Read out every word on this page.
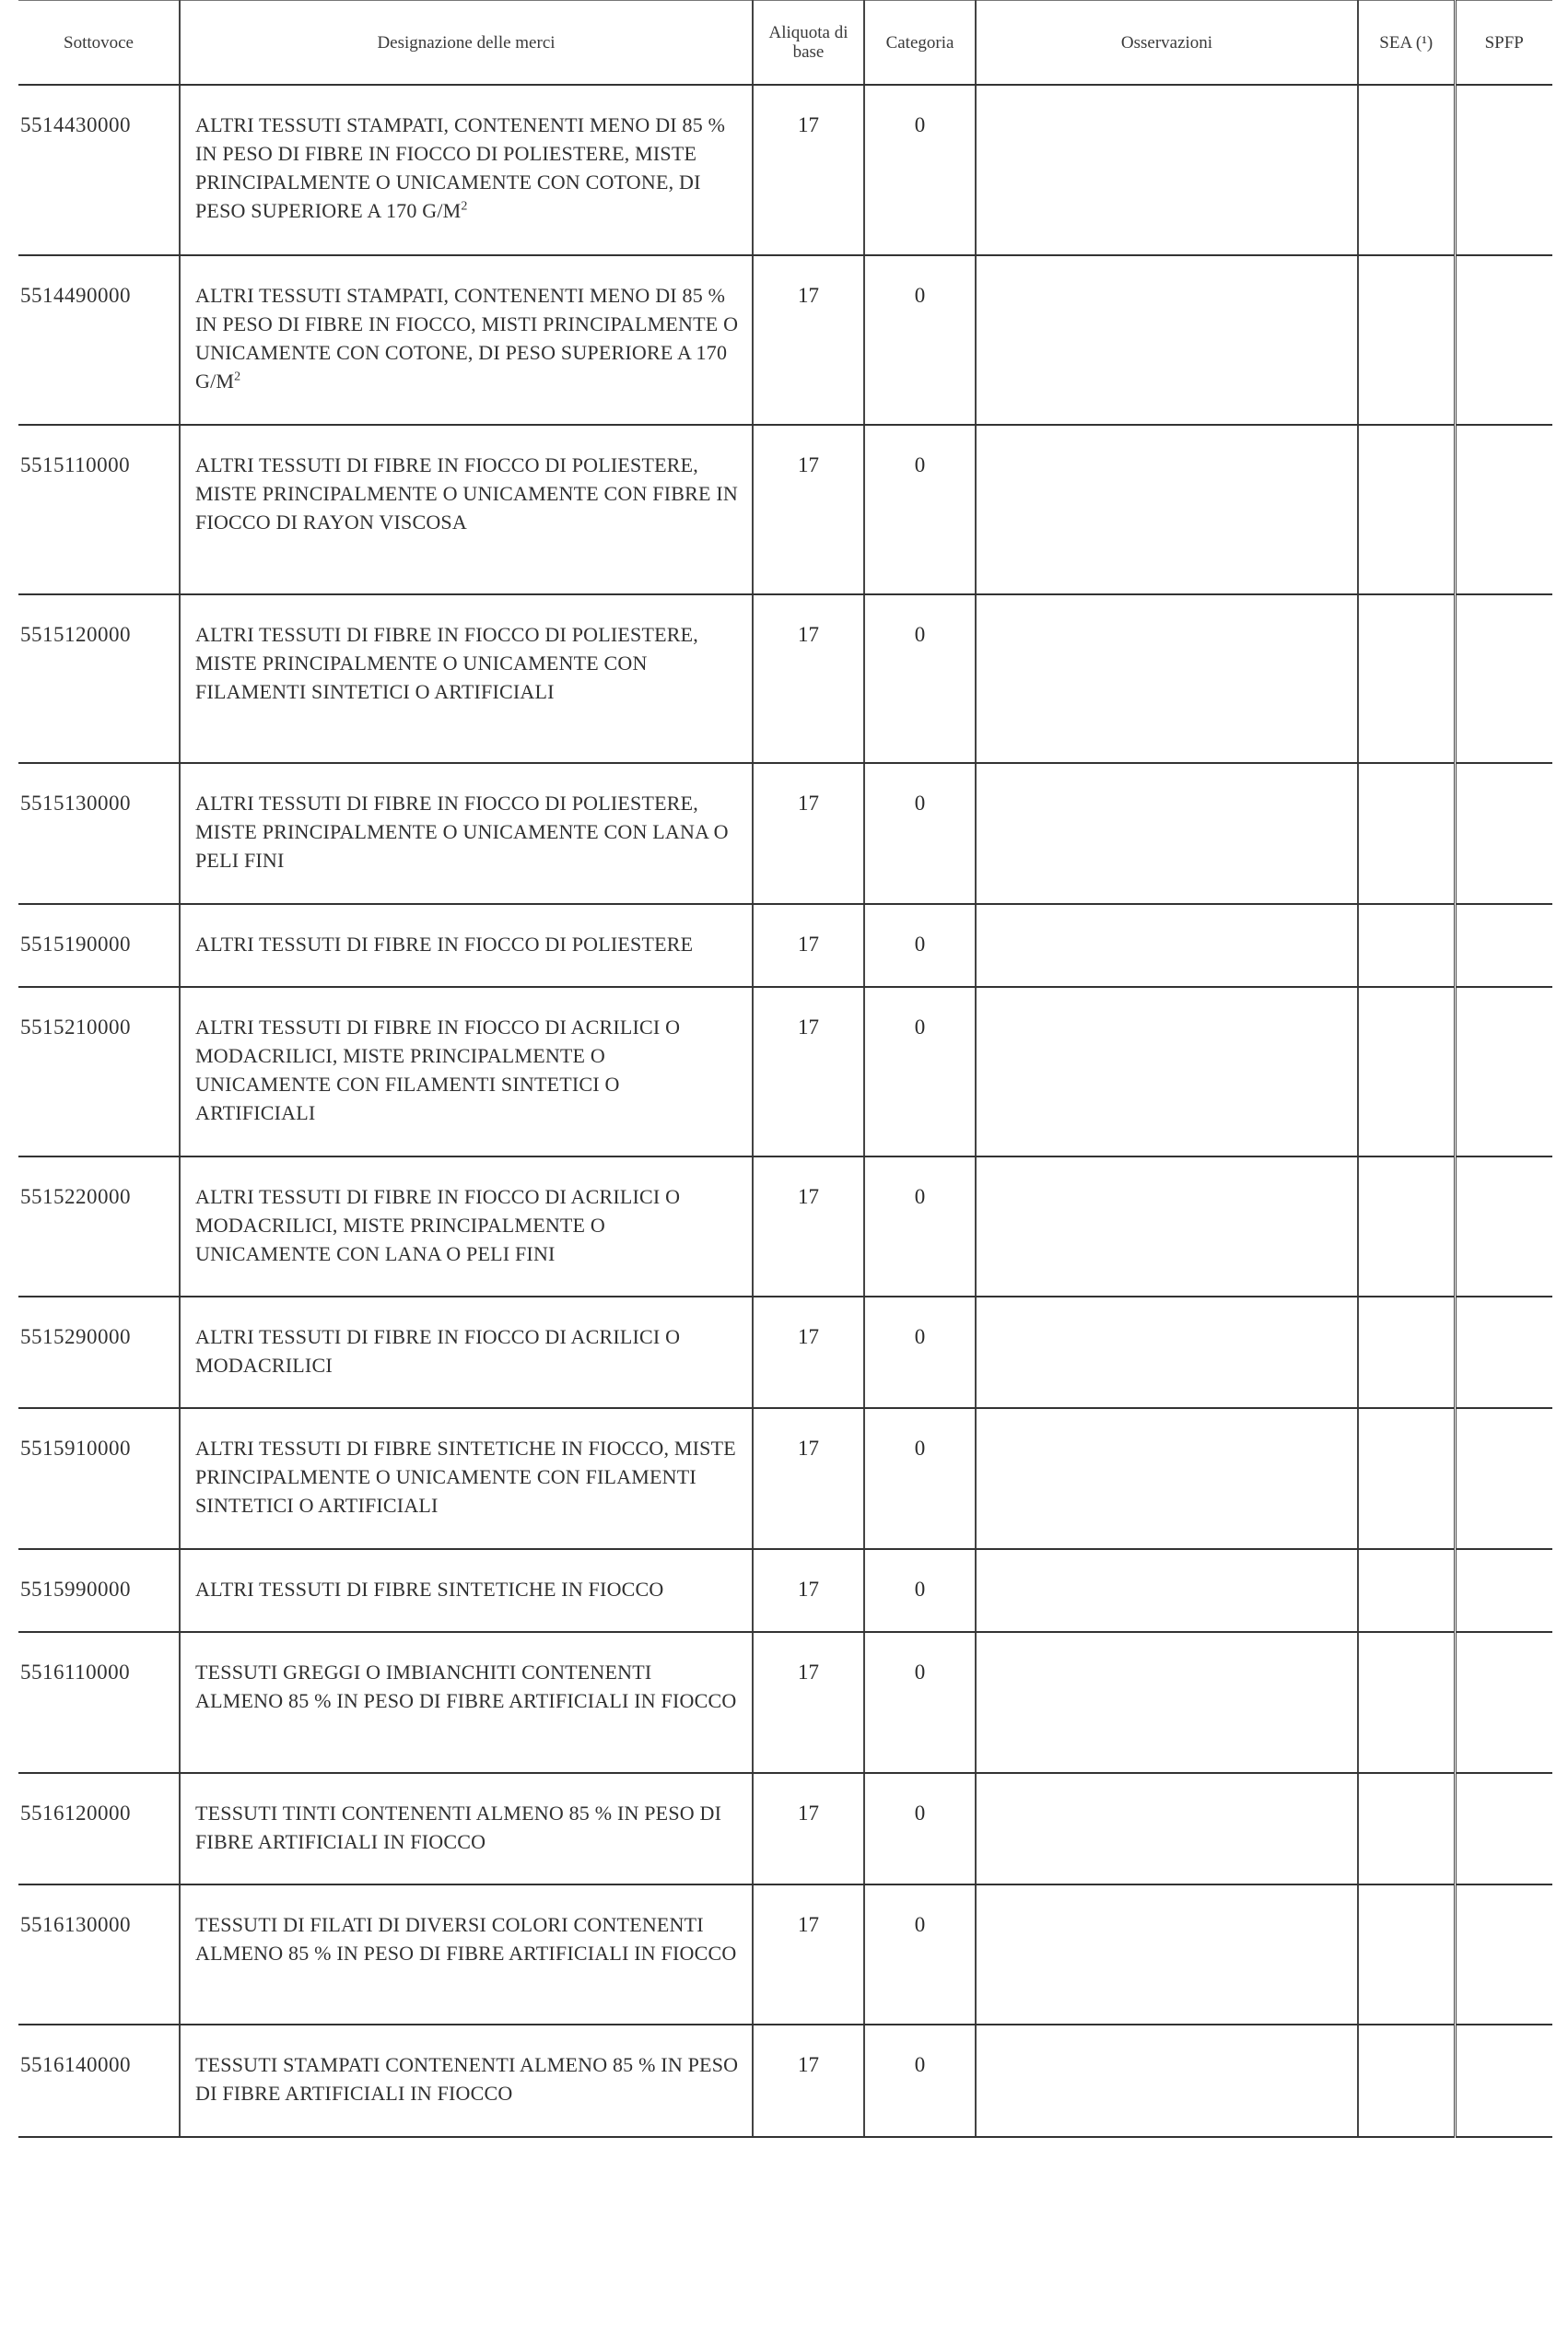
Sottovoce	Designazione delle merci	Aliquota di base	Categoria	Osservazioni	SEA (¹)	SPFP
5514430000	ALTRI TESSUTI STAMPATI, CONTENENTI MENO DI 85 % IN PESO DI FIBRE IN FIOCCO DI POLIESTERE, MISTE PRINCIPALMENTE O UNICAMENTE CON COTONE, DI PESO SUPERIORE A 170 $G/M^2$	17	0			
5514490000	ALTRI TESSUTI STAMPATI, CONTENENTI MENO DI 85 % IN PESO DI FIBRE IN FIOCCO, MISTI PRINCIPALMENTE O UNICAMENTE CON COTONE, DI PESO SUPERIORE A 170 $G/M^2$	17	0			
5515110000	ALTRI TESSUTI DI FIBRE IN FIOCCO DI POLIESTERE, MISTE PRINCIPALMENTE O UNICAMENTE CON FIBRE IN FIOCCO DI RAYON VISCOSA	17	0			
5515120000	ALTRI TESSUTI DI FIBRE IN FIOCCO DI POLIESTERE, MISTE PRINCIPALMENTE O UNICAMENTE CON FILAMENTI SINTETICI O ARTIFICIALI	17	0			
5515130000	ALTRI TESSUTI DI FIBRE IN FIOCCO DI POLIESTERE, MISTE PRINCIPALMENTE O UNICAMENTE CON LANA O PELI FINI	17	0			
5515190000	ALTRI TESSUTI DI FIBRE IN FIOCCO DI POLIESTERE	17	0			
5515210000	ALTRI TESSUTI DI FIBRE IN FIOCCO DI ACRILICI O MODACRILICI, MISTE PRINCIPALMENTE O UNICAMENTE CON FILAMENTI SINTETICI O ARTIFICIALI	17	0			
5515220000	ALTRI TESSUTI DI FIBRE IN FIOCCO DI ACRILICI O MODACRILICI, MISTE PRINCIPALMENTE O UNICAMENTE CON LANA O PELI FINI	17	0			
5515290000	ALTRI TESSUTI DI FIBRE IN FIOCCO DI ACRILICI O MODACRILICI	17	0			
5515910000	ALTRI TESSUTI DI FIBRE SINTETICHE IN FIOCCO, MISTE PRINCIPALMENTE O UNICAMENTE CON FILAMENTI SINTETICI O ARTIFICIALI	17	0			
5515990000	ALTRI TESSUTI DI FIBRE SINTETICHE IN FIOCCO	17	0			
5516110000	TESSUTI GREGGI O IMBIANCHITI CONTENENTI ALMENO 85 % IN PESO DI FIBRE ARTIFICIALI IN FIOCCO	17	0			
5516120000	TESSUTI TINTI CONTENENTI ALMENO 85 % IN PESO DI FIBRE ARTIFICIALI IN FIOCCO	17	0			
5516130000	TESSUTI DI FILATI DI DIVERSI COLORI CONTENENTI ALMENO 85 % IN PESO DI FIBRE ARTIFICIALI IN FIOCCO	17	0			
5516140000	TESSUTI STAMPATI CONTENENTI ALMENO 85 % IN PESO DI FIBRE ARTIFICIALI IN FIOCCO	17	0			
